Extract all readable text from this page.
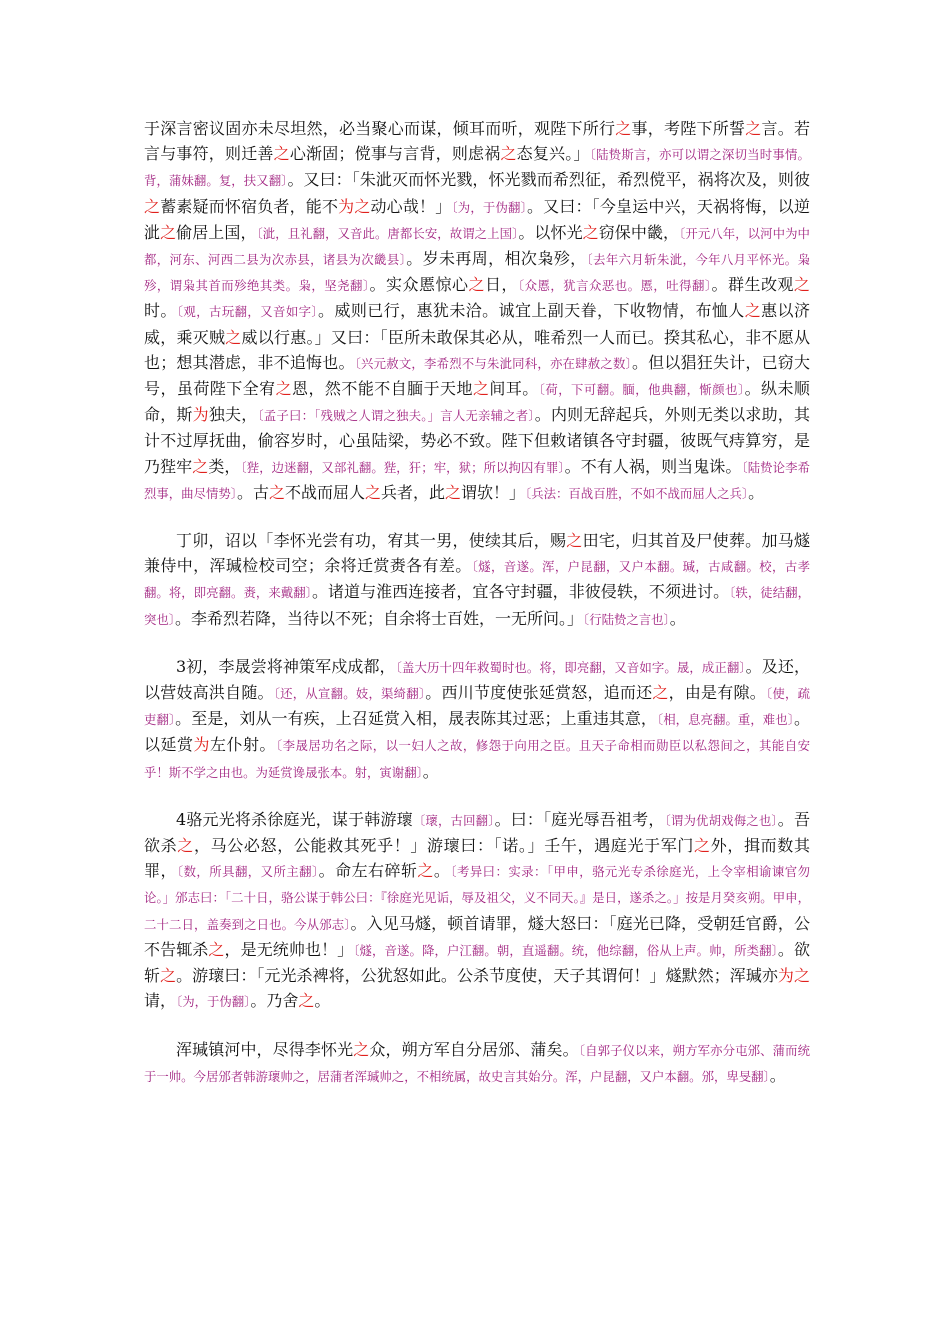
于深言密议固亦未尽坦然，必当聚心而谋，倾耳而听，观陛下所行之事，考陛下所誓之言。若言与事符，则迁善之心渐固；傥事与言背，则虑祸之态复兴。」〔陆贽斯言，亦可以谓之深切当时事情。背，蒲妹翻。复，扶又翻〕。又曰：「朱泚灭而怀光戮，怀光戮而希烈征，希烈傥平，祸将次及，则彼之蓄素疑而怀宿负者，能不为之动心哉！」〔为，于伪翻〕。又曰：「今皇运中兴，天祸将悔，以逆泚之偷居上国，〔泚，且礼翻，又音此。唐都长安，故谓之上国〕。以怀光之窃保中畿，〔开元八年，以河中为中都，河东、河西二县为次赤县，诸县为次畿县〕。岁未再周，相次枭殄，〔去年六月斩朱泚，今年八月平怀光。枭殄，谓枭其首而殄绝其类。枭，坚尧翻〕。实众慝惊心之日，〔众慝，犹言众恶也。慝，吐得翻〕。群生改观之时。〔观，古玩翻，又音如字〕。威则已行，惠犹未洽。诚宜上副天眷，下收物情，布恤人之惠以济威，乘灭贼之威以行惠。」又曰：「臣所未敢保其必从，唯希烈一人而已。揆其私心，非不愿从也；想其潜虑，非不追悔也。〔兴元赦文，李希烈不与朱泚同科，亦在肆赦之数〕。但以猖狂失计，已窃大号，虽荷陛下全宥之恩，然不能不自腼于天地之间耳。〔荷，下可翻。腼，他典翻，惭颜也〕。纵未顺命，斯为独夫，〔孟子曰：「残贼之人谓之独夫。」言人无亲辅之者〕。内则无辞起兵，外则无类以求助，其计不过厚抚曲，偷容岁时，心虽陆梁，势必不致。陛下但敕诸镇各守封疆，彼既气痔算穷，是乃狴牢之类，〔狴，边迷翻，又部礼翻。狴，犴；牢，狱；所以拘囚有罪〕。不有人祸，则当鬼诛。〔陆贽论李希烈事，曲尽情势〕。古之不战而屈人之兵者，此之谓欤！」〔兵法：百战百胜，不如不战而屈人之兵〕。
丁卯，诏以「李怀光尝有功，宥其一男，使续其后，赐之田宅，归其首及尸使葬。加马燧兼侍中，浑瑊检校司空；余将迁赏赉各有差。〔燧，音遂。浑，户昆翻，又户本翻。瑊，古咸翻。校，古孝翻。将，即亮翻。赉，来戴翻〕。诸道与淮西连接者，宜各守封疆，非彼侵轶，不须进讨。〔轶，徒结翻，突也〕。李希烈若降，当待以不死；自余将士百姓，一无所问。」〔行陆贽之言也〕。
3初，李晟尝将神策军戍成都，〔盖大历十四年救蜀时也。将，即亮翻，又音如字。晟，成正翻〕。及还，以营妓高洪自随。〔还，从宣翻。妓，渠绮翻〕。西川节度使张延赏怒，追而还之，由是有隙。〔使，疏吏翻〕。至是，刘从一有疾，上召延赏入相，晟表陈其过恶；上重违其意，〔相，息亮翻。重，难也〕。以延赏为左仆射。〔李晟居功名之际，以一妇人之故，修怨于向用之臣。且天子命相而勋臣以私怨间之，其能自安乎！斯不学之由也。为延赏谗晟张本。射，寅谢翻〕。
4骆元光将杀徐庭光，谋于韩游瓌〔瓌，古回翻〕。曰：「庭光辱吾祖考，〔谓为优胡戏侮之也〕。吾欲杀之，马公必怒，公能救其死乎！」游瓌曰：「诺。」壬午，遇庭光于军门之外，揖而数其罪，〔数，所具翻，又所主翻〕。命左右碎斩之。〔考异曰：实录：「甲申，骆元光专杀徐庭光，上令宰相谕谏官勿论。」邠志曰：「二十日，骆公谋于韩公曰：『徐庭光见诟，辱及祖父，义不同天。』是日，遂杀之。」按是月癸亥朔。甲申，二十二日，盖奏到之日也。今从邠志〕。入见马燧，顿首请罪，燧大怒曰：「庭光已降，受朝廷官爵，公不告辄杀之，是无统帅也！」〔燧，音遂。降，户江翻。朝，直遥翻。统，他综翻，俗从上声。帅，所类翻〕。欲斩之。游瓌曰：「元光杀裨将，公犹怒如此。公杀节度使，天子其谓何！」燧默然；浑瑊亦为之请，〔为，于伪翻〕。乃舍之。
浑瑊镇河中，尽得李怀光之众，朔方军自分居邠、蒲矣。〔自郭子仪以来，朔方军亦分屯邠、蒲而统于一帅。今居邠者韩游瓌帅之，居蒲者浑瑊帅之，不相统属，故史言其始分。浑，户昆翻，又户本翻。邠，卑旻翻〕。
